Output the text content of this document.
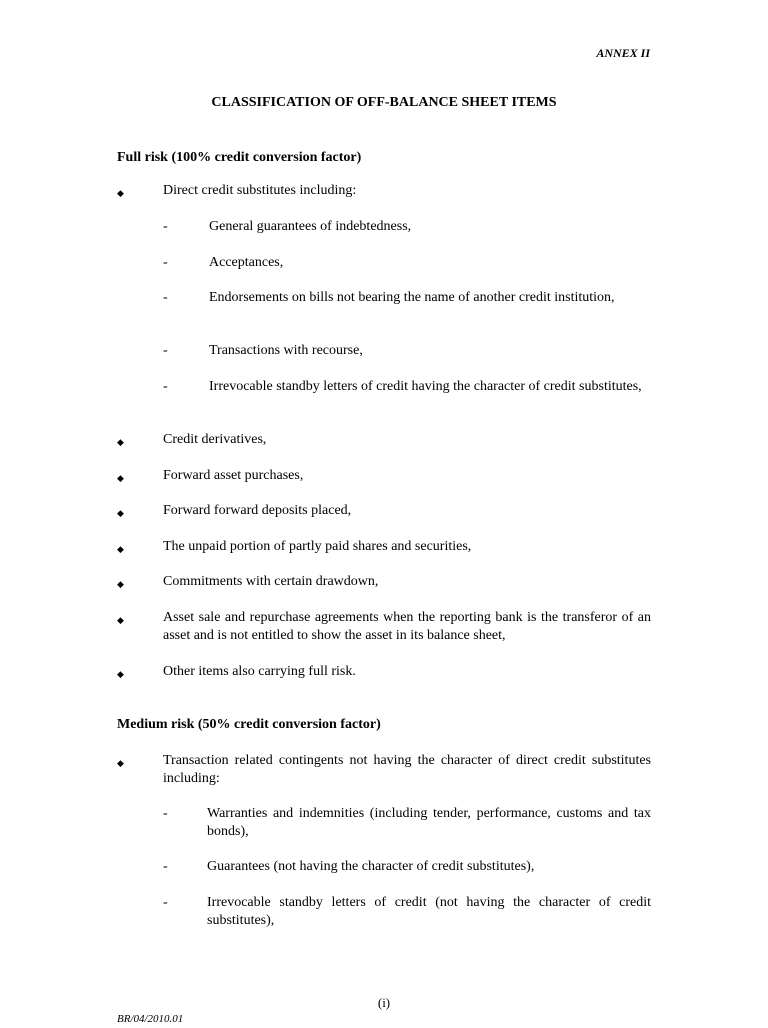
ANNEX II
CLASSIFICATION OF OFF-BALANCE SHEET ITEMS
Full risk (100% credit conversion factor)
◆	Direct credit substitutes including:
-	General guarantees of indebtedness,
-	Acceptances,
-	Endorsements on bills not bearing the name of another credit institution,
-	Transactions with recourse,
-	Irrevocable standby letters of credit having the character of credit substitutes,
◆	Credit derivatives,
◆	Forward asset purchases,
◆	Forward forward deposits placed,
◆	The unpaid portion of partly paid shares and securities,
◆	Commitments with certain drawdown,
◆	Asset sale and repurchase agreements when the reporting bank is the transferor of an asset and is not entitled to show the asset in its balance sheet,
◆	Other items also carrying full risk.
Medium risk (50% credit conversion factor)
◆	Transaction related contingents not having the character of direct credit substitutes including:
-	Warranties and indemnities (including tender, performance, customs and tax bonds),
-	Guarantees (not having the character of credit substitutes),
-	Irrevocable standby letters of credit (not having the character of credit substitutes),
(i)
BR/04/2010.01
